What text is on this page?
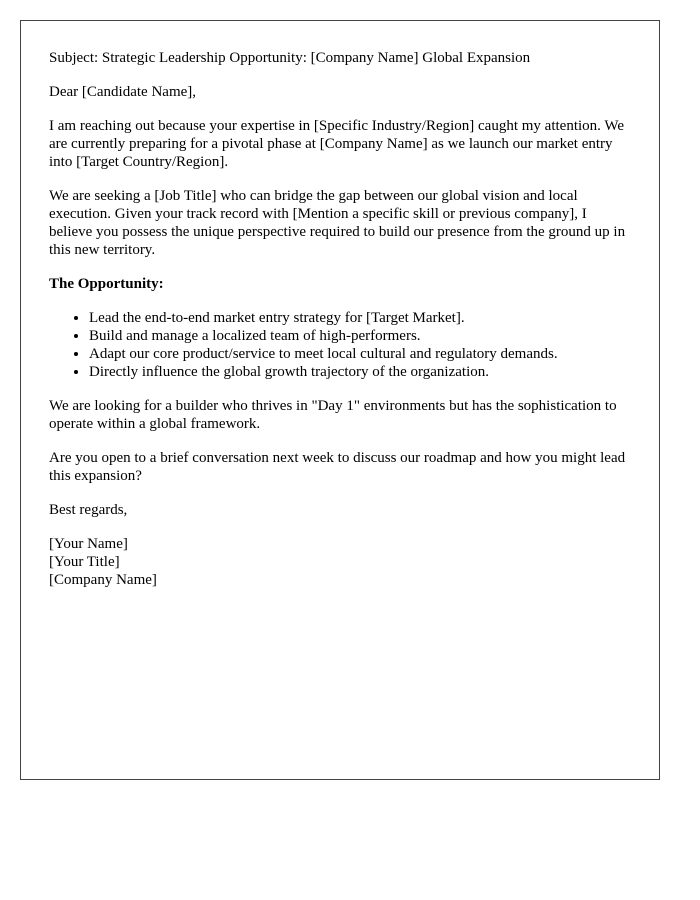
Subject: Strategic Leadership Opportunity: [Company Name] Global Expansion

Dear [Candidate Name],

I am reaching out because your expertise in [Specific Industry/Region] caught my attention. We are currently preparing for a pivotal phase at [Company Name] as we launch our market entry into [Target Country/Region].

We are seeking a [Job Title] who can bridge the gap between our global vision and local execution. Given your track record with [Mention a specific skill or previous company], I believe you possess the unique perspective required to build our presence from the ground up in this new territory.

The Opportunity:

• Lead the end-to-end market entry strategy for [Target Market].
• Build and manage a localized team of high-performers.
• Adapt our core product/service to meet local cultural and regulatory demands.
• Directly influence the global growth trajectory of the organization.

We are looking for a builder who thrives in "Day 1" environments but has the sophistication to operate within a global framework.

Are you open to a brief conversation next week to discuss our roadmap and how you might lead this expansion?

Best regards,

[Your Name]
[Your Title]
[Company Name]
